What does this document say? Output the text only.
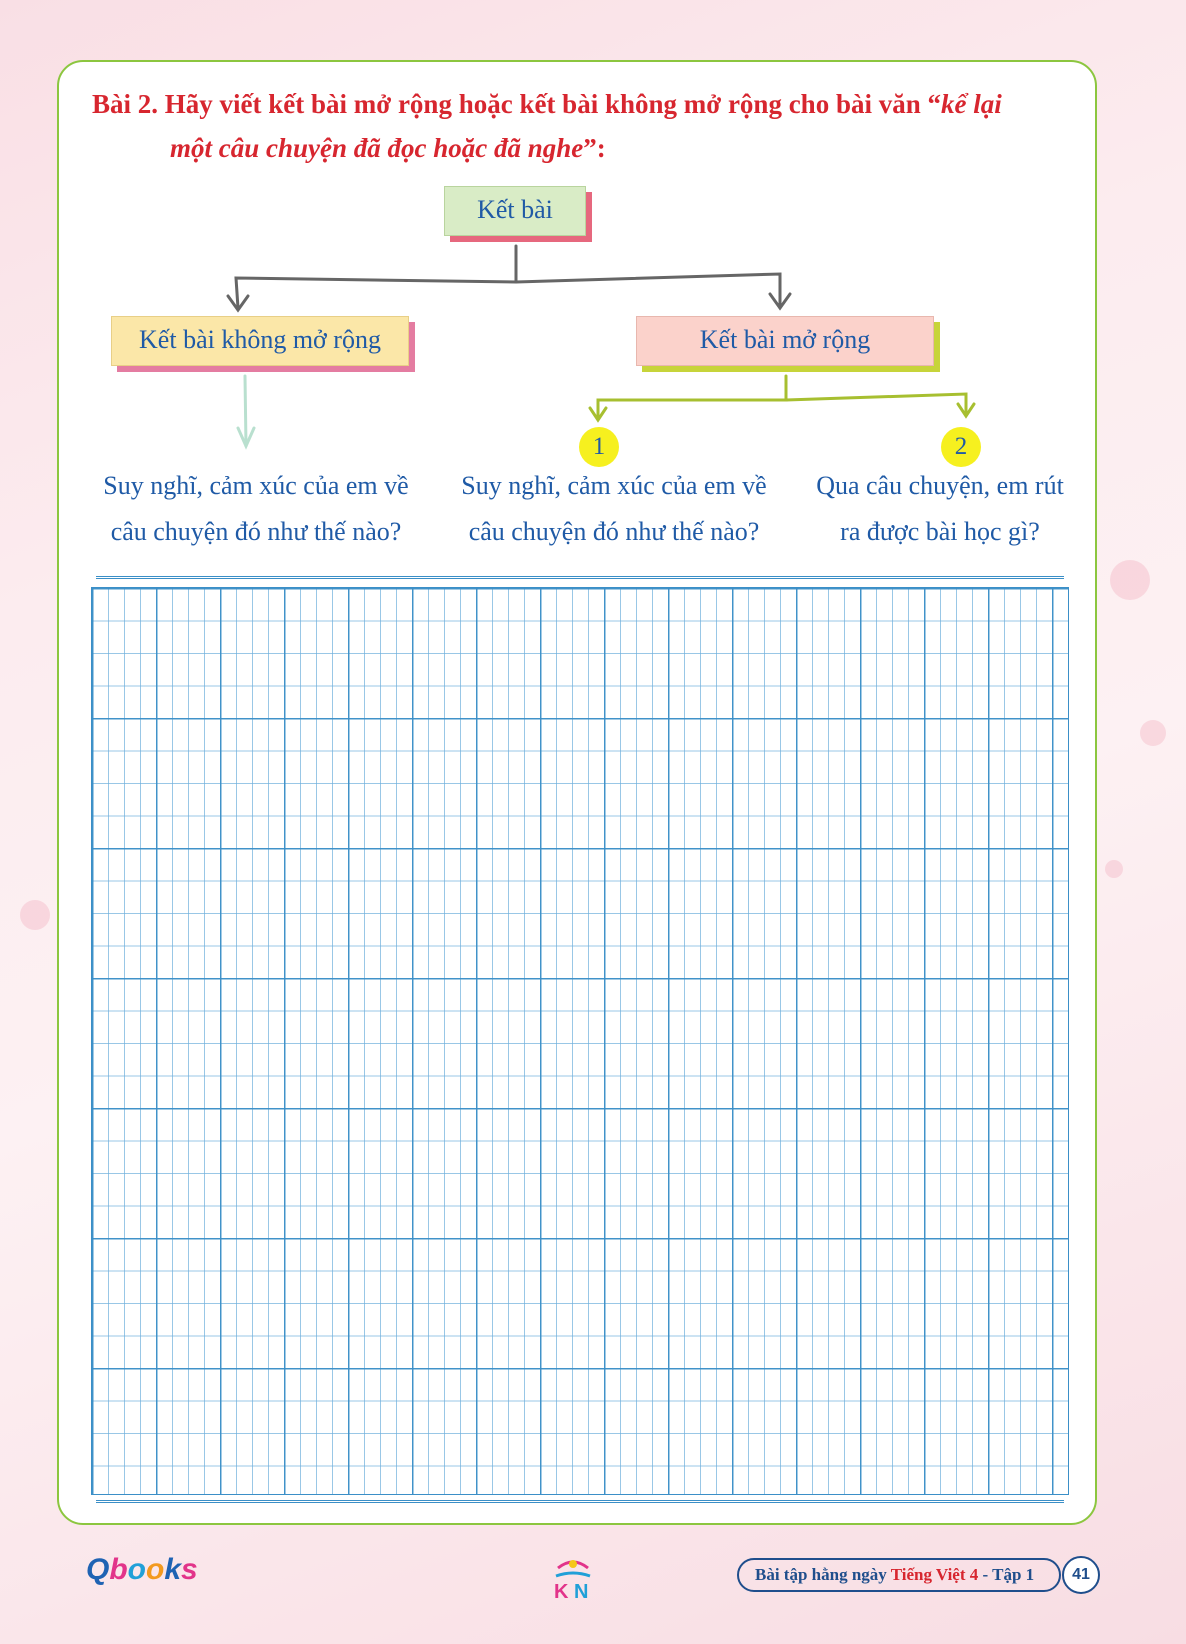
Bài 2. Hãy viết kết bài mở rộng hoặc kết bài không mở rộng cho bài văn “kể lại
một câu chuyện đã đọc hoặc đã nghe”:
Kết bài
Kết bài không mở rộng	Kết bài mở rộng
1	2
Suy nghĩ, cảm xúc của em về
câu chuyện đó như thế nào?
Suy nghĩ, cảm xúc của em về
câu chuyện đó như thế nào?
Qua câu chuyện, em rút
ra được bài học gì?
Qbooks
K N
Bài tập hằng ngày Tiếng Việt 4 - Tập 1	41
